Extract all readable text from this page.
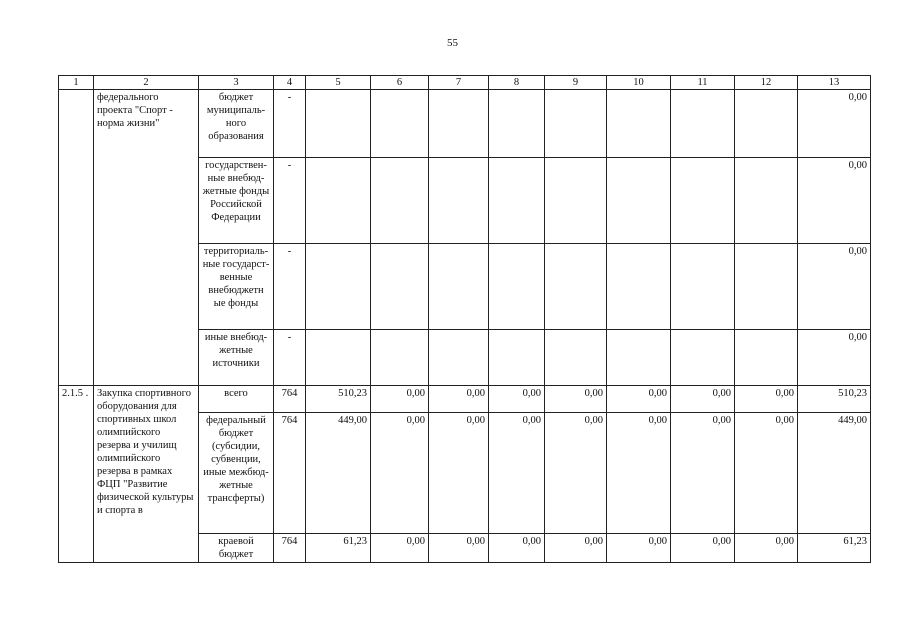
55
1	2	3	4	5	6	7	8	9	10	11	12	13
	федерального проекта "Спорт - норма жизни"	бюджет муниципаль-ного образования	-									0,00
		государствен-ные внебюд-жетные фонды Российской Федерации	-									0,00
		территориаль-ные государст-венные внебюджетн ые фонды	-									0,00
		иные внебюд-жетные источники	-									0,00
2.1.5 .	Закупка спортивного оборудования для спортивных школ олимпийского резерва и училищ олимпийского резерва в рамках ФЦП "Развитие физической культуры и спорта в	всего	764	510,23	0,00	0,00	0,00	0,00	0,00	0,00	0,00	510,23
		федеральный бюджет (субсидии, субвенции, иные межбюд-жетные трансферты)	764	449,00	0,00	0,00	0,00	0,00	0,00	0,00	0,00	449,00
		краевой бюджет	764	61,23	0,00	0,00	0,00	0,00	0,00	0,00	0,00	61,23
